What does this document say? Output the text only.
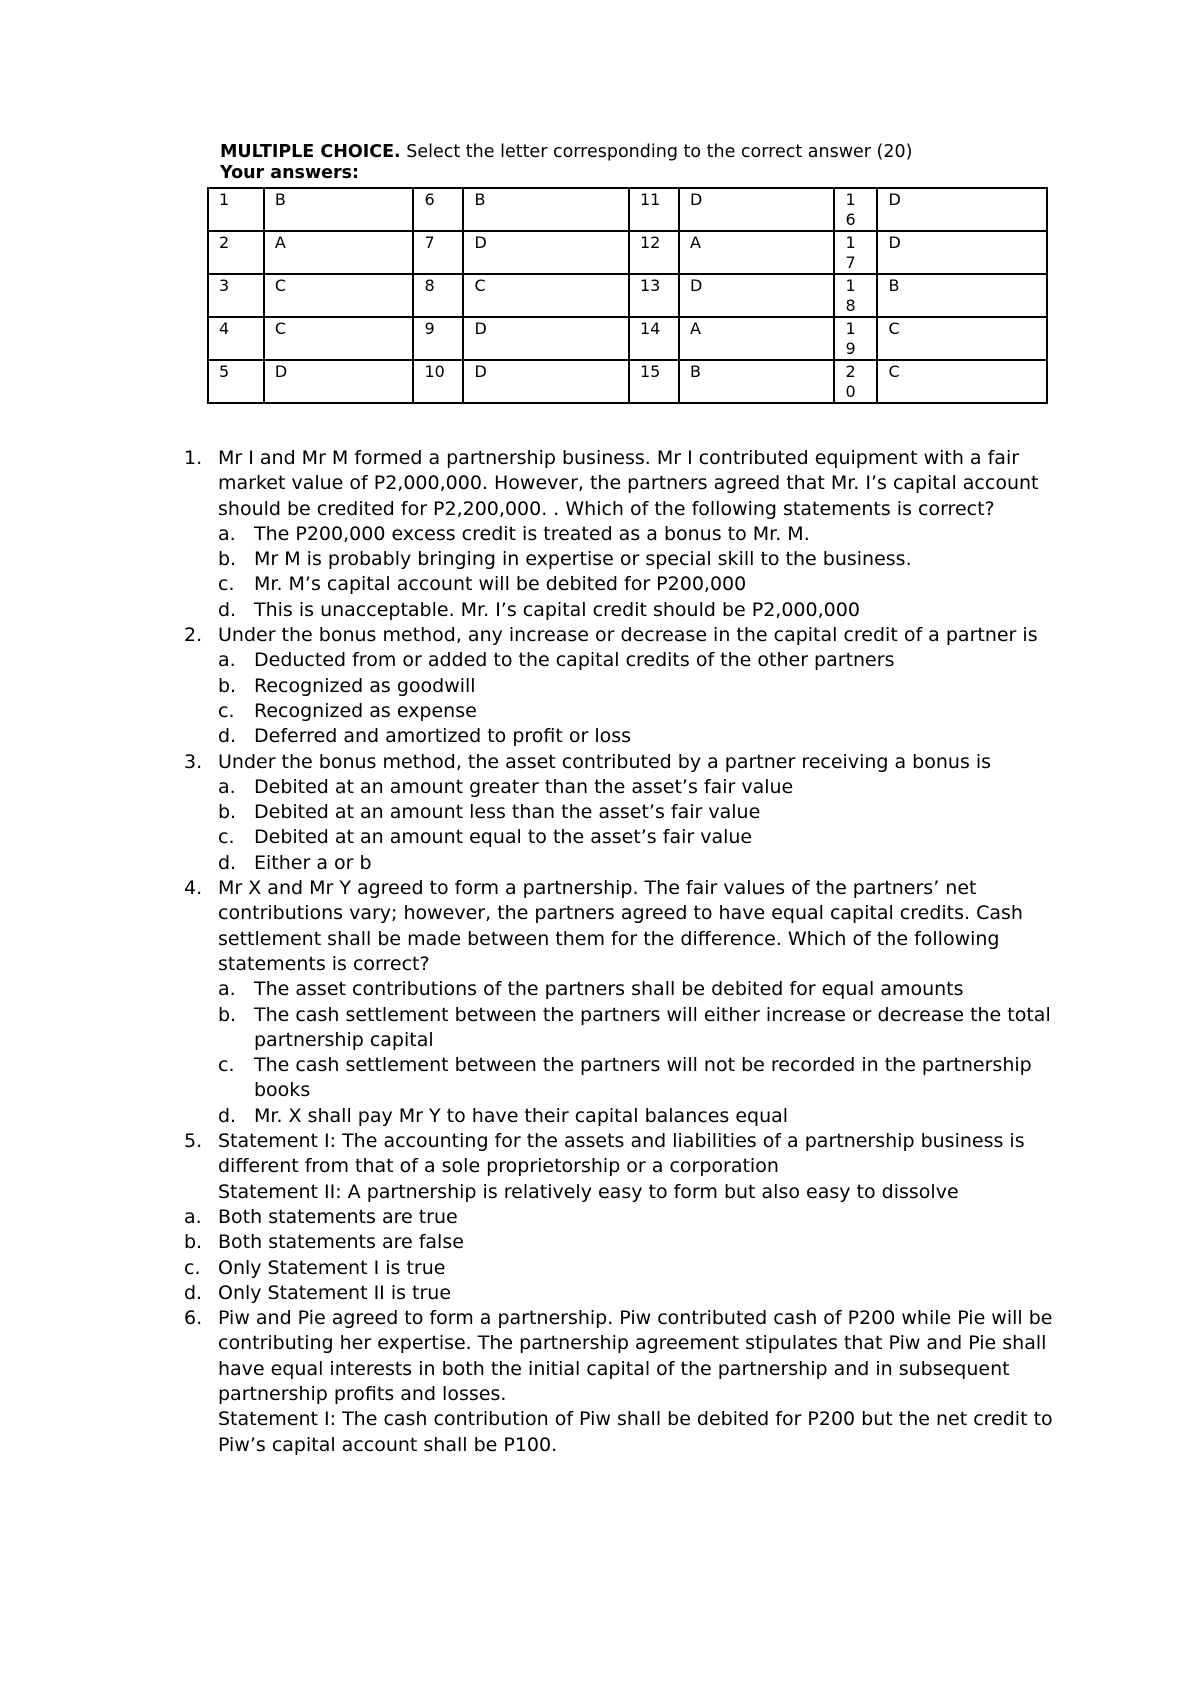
MULTIPLE CHOICE. Select the letter corresponding to the correct answer (20)
Your answers:
1	B	6	B	11	D	16	D
2	A	7	D	12	A	17	D
3	C	8	C	13	D	18	B
4	C	9	D	14	A	19	C
5	D	10	D	15	B	20	C
1. Mr I and Mr M formed a partnership business. Mr I contributed equipment with a fair market value of P2,000,000. However, the partners agreed that Mr. I’s capital account should be credited for P2,200,000. . Which of the following statements is correct?
a. The P200,000 excess credit is treated as a bonus to Mr. M.
b. Mr M is probably bringing in expertise or special skill to the business.
c. Mr. M’s capital account will be debited for P200,000
d. This is unacceptable. Mr. I’s capital credit should be P2,000,000
2. Under the bonus method, any increase or decrease in the capital credit of a partner is
a. Deducted from or added to the capital credits of the other partners
b. Recognized as goodwill
c. Recognized as expense
d. Deferred and amortized to profit or loss
3. Under the bonus method, the asset contributed by a partner receiving a bonus is
a. Debited at an amount greater than the asset’s fair value
b. Debited at an amount less than the asset’s fair value
c. Debited at an amount equal to the asset’s fair value
d. Either a or b
4. Mr X and Mr Y agreed to form a partnership. The fair values of the partners’ net contributions vary; however, the partners agreed to have equal capital credits. Cash settlement shall be made between them for the difference. Which of the following statements is correct?
a. The asset contributions of the partners shall be debited for equal amounts
b. The cash settlement between the partners will either increase or decrease the total partnership capital
c. The cash settlement between the partners will not be recorded in the partnership books
d. Mr. X shall pay Mr Y to have their capital balances equal
5. Statement I: The accounting for the assets and liabilities of a partnership business is different from that of a sole proprietorship or a corporation
Statement II: A partnership is relatively easy to form but also easy to dissolve
a. Both statements are true
b. Both statements are false
c. Only Statement I is true
d. Only Statement II is true
6. Piw and Pie agreed to form a partnership. Piw contributed cash of P200 while Pie will be contributing her expertise. The partnership agreement stipulates that Piw and Pie shall have equal interests in both the initial capital of the partnership and in subsequent partnership profits and losses.
Statement I: The cash contribution of Piw shall be debited for P200 but the net credit to Piw’s capital account shall be P100.
